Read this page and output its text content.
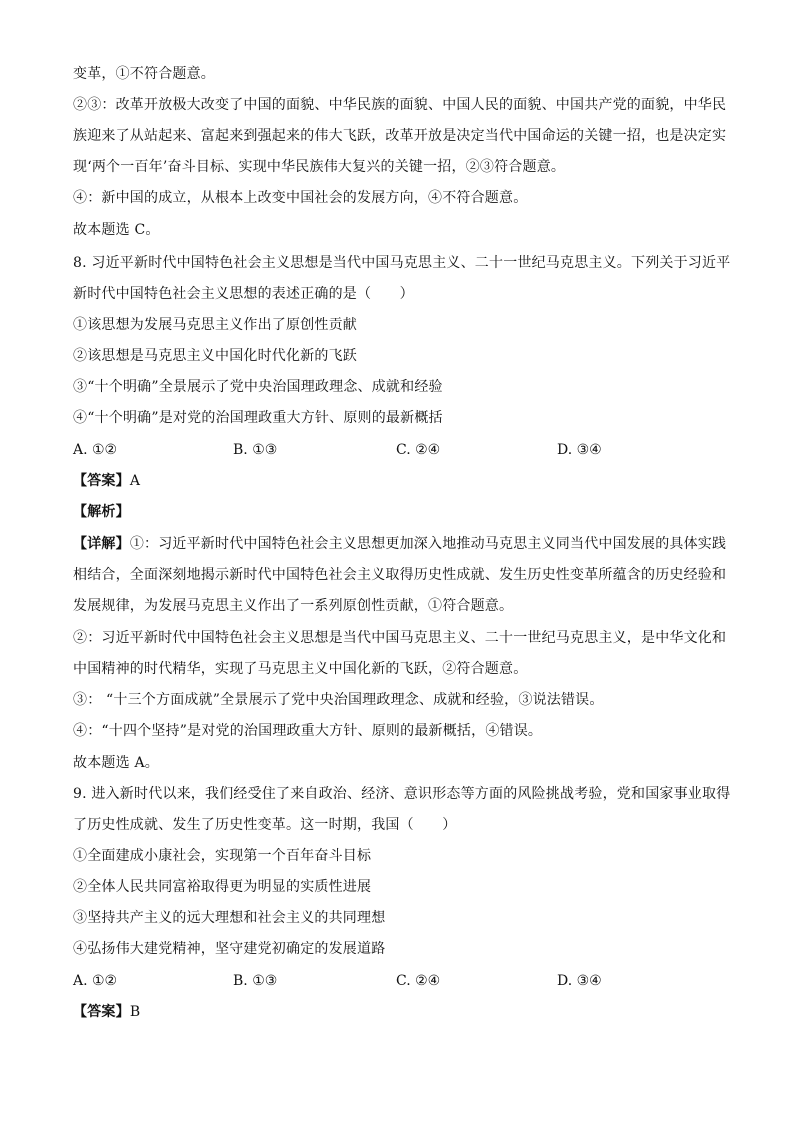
变革，①不符合题意。
②③：改革开放极大改变了中国的面貌、中华民族的面貌、中国人民的面貌、中国共产党的面貌，中华民
族迎来了从站起来、富起来到强起来的伟大飞跃，改革开放是决定当代中国命运的关键一招，也是决定实
现‘两个一百年’奋斗目标、实现中华民族伟大复兴的关键一招，②③符合题意。
④：新中国的成立，从根本上改变中国社会的发展方向，④不符合题意。
故本题选 C。
8. 习近平新时代中国特色社会主义思想是当代中国马克思主义、二十一世纪马克思主义。下列关于习近平
新时代中国特色社会主义思想的表述正确的是（　　）
①该思想为发展马克思主义作出了原创性贡献
②该思想是马克思主义中国化时代化新的飞跃
③“十个明确”全景展示了党中央治国理政理念、成就和经验
④“十个明确”是对党的治国理政重大方针、原则的最新概括
A. ①②	B. ①③	C. ②④	D. ③④
【答案】A
【解析】
【详解】①：习近平新时代中国特色社会主义思想更加深入地推动马克思主义同当代中国发展的具体实践
相结合，全面深刻地揭示新时代中国特色社会主义取得历史性成就、发生历史性变革所蕴含的历史经验和
发展规律，为发展马克思主义作出了一系列原创性贡献，①符合题意。
②：习近平新时代中国特色社会主义思想是当代中国马克思主义、二十一世纪马克思主义，是中华文化和
中国精神的时代精华，实现了马克思主义中国化新的飞跃，②符合题意。
③： “十三个方面成就”全景展示了党中央治国理政理念、成就和经验，③说法错误。
④：“十四个坚持”是对党的治国理政重大方针、原则的最新概括，④错误。
故本题选 A。
9. 进入新时代以来，我们经受住了来自政治、经济、意识形态等方面的风险挑战考验，党和国家事业取得
了历史性成就、发生了历史性变革。这一时期，我国（　　）
①全面建成小康社会，实现第一个百年奋斗目标
②全体人民共同富裕取得更为明显的实质性进展
③坚持共产主义的远大理想和社会主义的共同理想
④弘扬伟大建党精神，坚守建党初确定的发展道路
A. ①②	B. ①③	C. ②④	D. ③④
【答案】B
